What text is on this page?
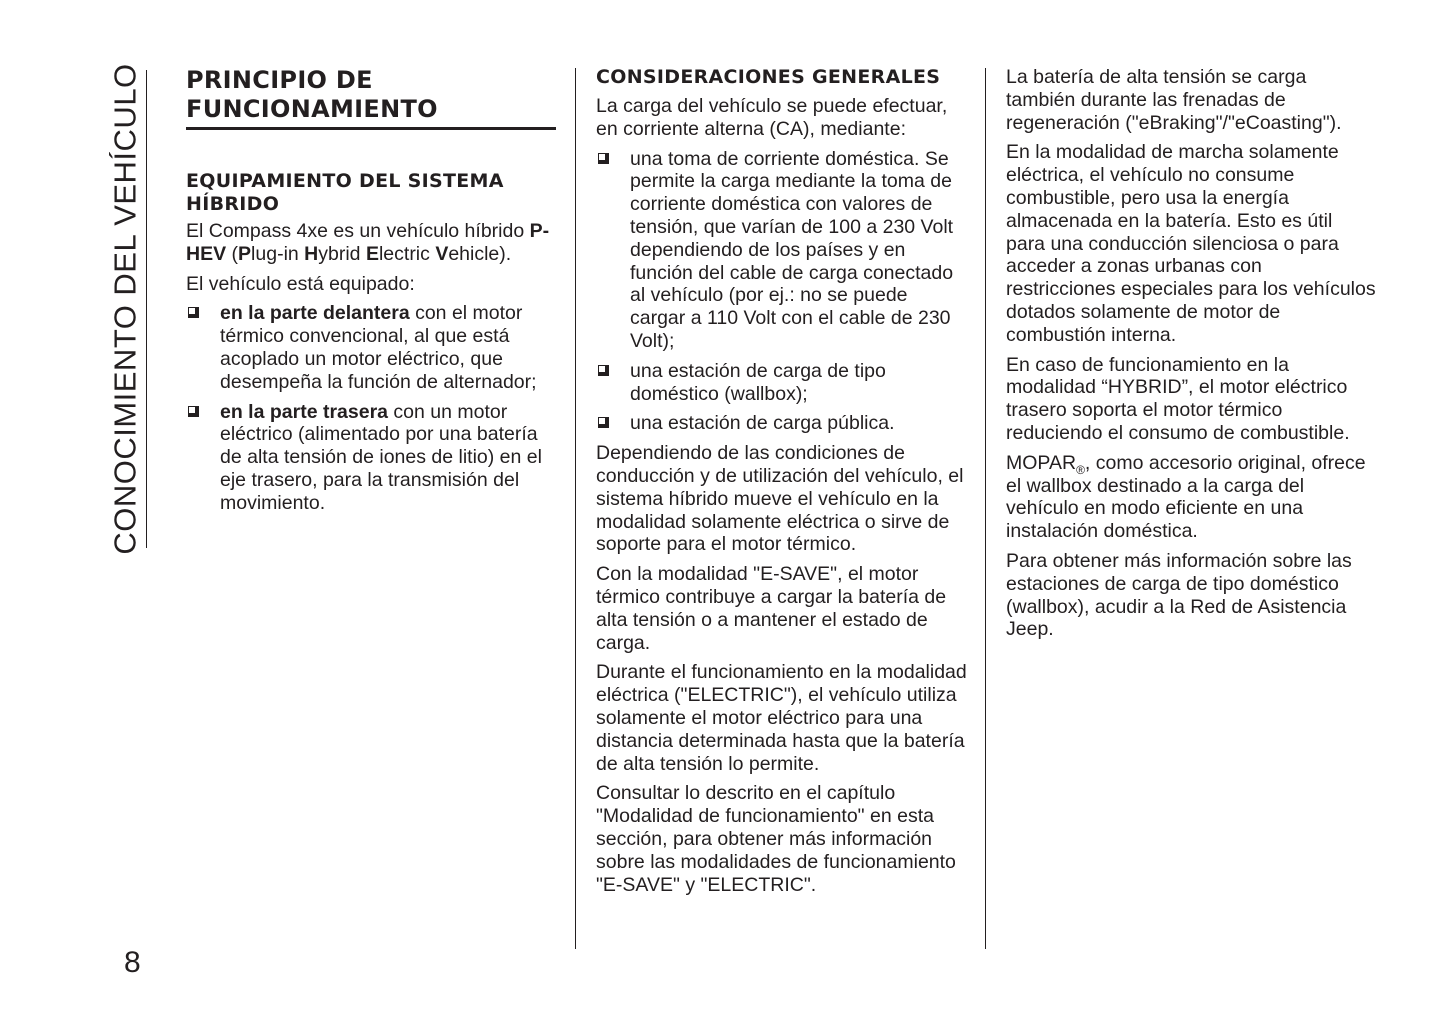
CONOCIMIENTO DEL VEHÍCULO PRINCIPIO DE FUNCIONAMIENTO
EQUIPAMIENTO DEL SISTEMA HÍBRIDO

El Compass 4xe es un vehículo híbrido P-HEV (Plug-in Hybrid Electric Vehicle).

El vehículo está equipado:

en la parte delantera con el motor térmico convencional, al que está acoplado un motor eléctrico, que desempeña la función de alternador;
en la parte trasera con un motor eléctrico (alimentado por una batería de alta tensión de iones de litio) en el eje trasero, para la transmisión del movimiento.
CONSIDERACIONES GENERALES

La carga del vehículo se puede efectuar, en corriente alterna (CA), mediante:

una toma de corriente doméstica. Se permite la carga mediante la toma de corriente doméstica con valores de tensión, que varían de 100 a 230 Volt dependiendo de los países y en función del cable de carga conectado al vehículo (por ej.: no se puede cargar a 110 Volt con el cable de 230 Volt);
una estación de carga de tipo doméstico (wallbox);
una estación de carga pública.

Dependiendo de las condiciones de conducción y de utilización del vehículo, el sistema híbrido mueve el vehículo en la modalidad solamente eléctrica o sirve de soporte para el motor térmico.

Con la modalidad "E-SAVE", el motor térmico contribuye a cargar la batería de alta tensión o a mantener el estado de carga.

Durante el funcionamiento en la modalidad eléctrica ("ELECTRIC"), el vehículo utiliza solamente el motor eléctrico para una distancia determinada hasta que la batería de alta tensión lo permite.

Consultar lo descrito en el capítulo "Modalidad de funcionamiento" en esta sección, para obtener más información sobre las modalidades de funcionamiento "E-SAVE" y "ELECTRIC".

La batería de alta tensión se carga también durante las frenadas de regeneración ("eBraking"/"eCoasting").

En la modalidad de marcha solamente eléctrica, el vehículo no consume combustible, pero usa la energía almacenada en la batería. Esto es útil para una conducción silenciosa o para acceder a zonas urbanas con restricciones especiales para los vehículos dotados solamente de motor de combustión interna.

En caso de funcionamiento en la modalidad “HYBRID”, el motor eléctrico trasero soporta el motor térmico reduciendo el consumo de combustible.

$MOPAR_®$, como accesorio original, ofrece el wallbox destinado a la carga del vehículo en modo eficiente en una instalación doméstica.

Para obtener más información sobre las estaciones de carga de tipo doméstico (wallbox), acudir a la Red de Asistencia Jeep.

8
